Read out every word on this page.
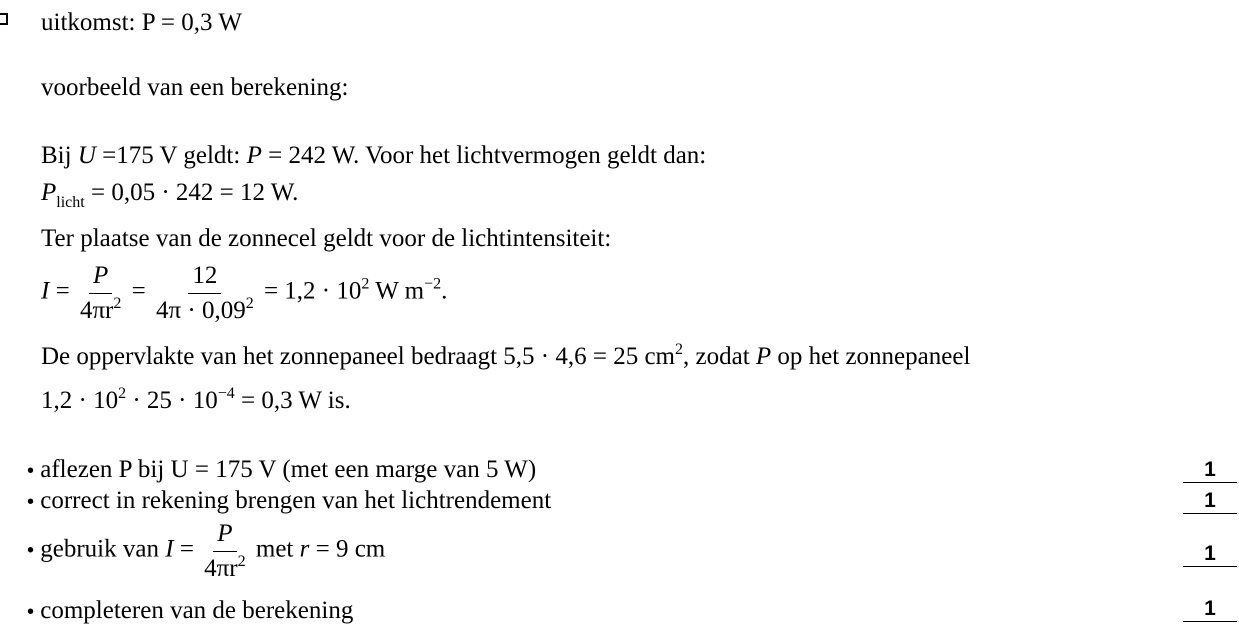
uitkomst: P = 0,3 W
voorbeeld van een berekening:
Bij U =175 V geldt: P = 242 W. Voor het lichtvermogen geldt dan:
$P_{licht} = 0,05 \cdot 242 = 12$ W.
Ter plaatse van de zonnecel geldt voor de lichtintensiteit:
$I = \frac{P}{4\pi r^2} = \frac{12}{4\pi \cdot 0,09^2} = 1,2 \cdot 10^2$ W $m^{-2}$.
De oppervlakte van het zonnepaneel bedraagt 5,5 · 4,6 = 25 $cm^2$, zodat P op het zonnepaneel
$1,2 \cdot 10^2 \cdot 25 \cdot 10^{-4} = 0,3$ W is.
• aflezen P bij U = 175 V (met een marge van 5 W)	1
• correct in rekening brengen van het lichtrendement	1
• gebruik van $I = \frac{P}{4\pi r^2}$ met r = 9 cm	1
• completeren van de berekening	1
